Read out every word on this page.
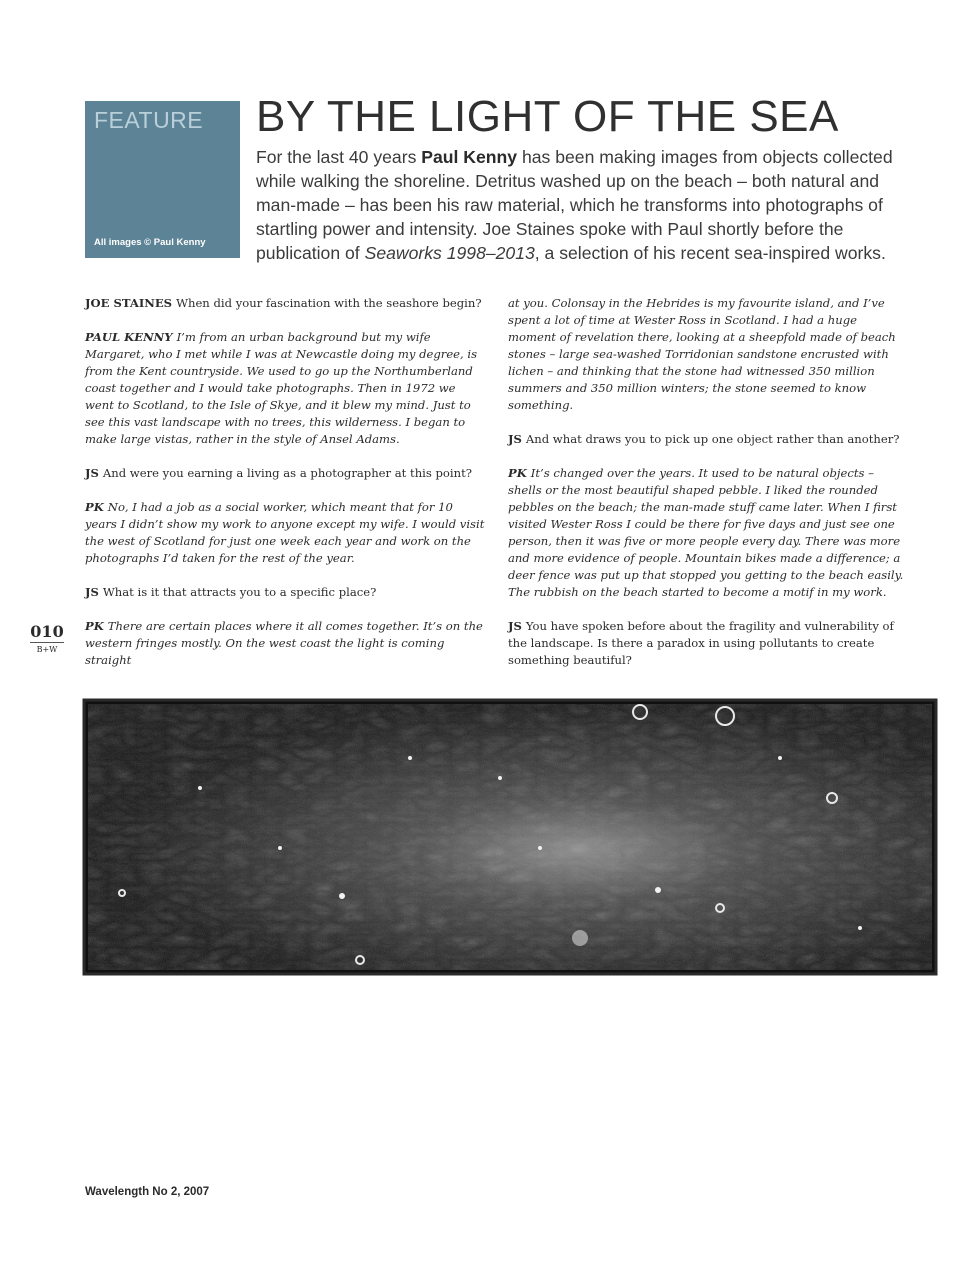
FEATURE
All images © Paul Kenny
BY THE LIGHT OF THE SEA

For the last 40 years Paul Kenny has been making images from objects collected while walking the shoreline. Detritus washed up on the beach – both natural and man-made – has been his raw material, which he transforms into photographs of startling power and intensity. Joe Staines spoke with Paul shortly before the publication of Seaworks 1998–2013, a selection of his recent sea-inspired works.

JOE STAINES When did your fascination with the seashore begin?

PAUL KENNY I’m from an urban background but my wife Margaret, who I met while I was at Newcastle doing my degree, is from the Kent countryside. We used to go up the Northumberland coast together and I would take photographs. Then in 1972 we went to Scotland, to the Isle of Skye, and it blew my mind. Just to see this vast landscape with no trees, this wilderness. I began to make large vistas, rather in the style of Ansel Adams.

JS And were you earning a living as a photographer at this point?

PK No, I had a job as a social worker, which meant that for 10 years I didn’t show my work to anyone except my wife. I would visit the west of Scotland for just one week each year and work on the photographs I’d taken for the rest of the year.

JS What is it that attracts you to a specific place?

PK There are certain places where it all comes together. It’s on the western fringes mostly. On the west coast the light is coming straight

at you. Colonsay in the Hebrides is my favourite island, and I’ve spent a lot of time at Wester Ross in Scotland. I had a huge moment of revelation there, looking at a sheepfold made of beach stones – large sea-washed Torridonian sandstone encrusted with lichen – and thinking that the stone had witnessed 350 million summers and 350 million winters; the stone seemed to know something.

JS And what draws you to pick up one object rather than another?

PK It’s changed over the years. It used to be natural objects – shells or the most beautiful shaped pebble. I liked the rounded pebbles on the beach; the man-made stuff came later. When I first visited Wester Ross I could be there for five days and just see one person, then it was five or more people every day. There was more and more evidence of people. Mountain bikes made a difference; a deer fence was put up that stopped you getting to the beach easily. The rubbish on the beach started to become a motif in my work.

JS You have spoken before about the fragility and vulnerability of the landscape. Is there a paradox in using pollutants to create something beautiful?

010
B+W
Wavelength No 2, 2007
